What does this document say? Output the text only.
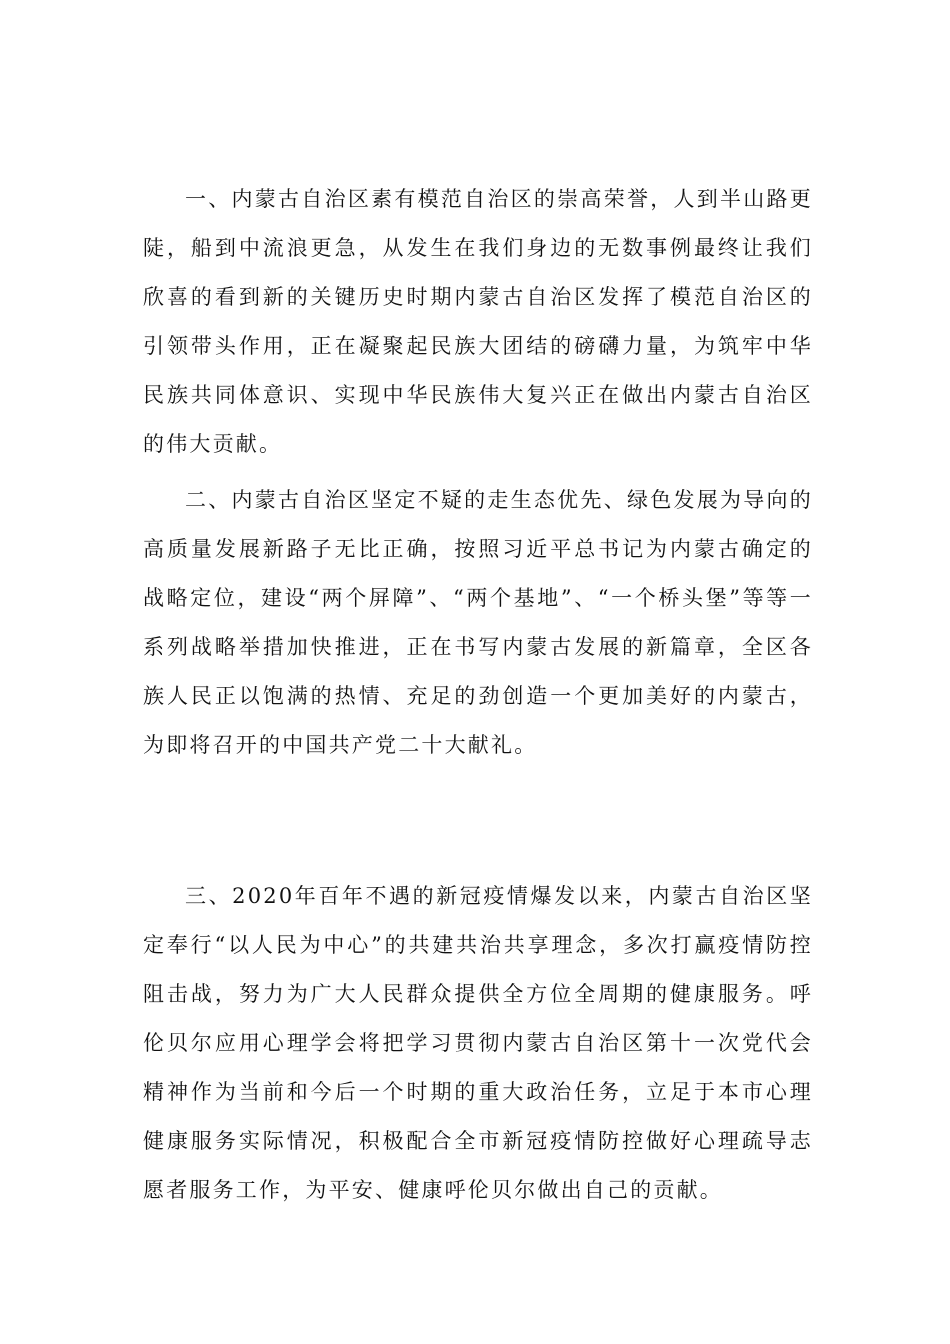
一、内蒙古自治区素有模范自治区的崇高荣誉，人到半山路更陡，船到中流浪更急，从发生在我们身边的无数事例最终让我们欣喜的看到新的关键历史时期内蒙古自治区发挥了模范自治区的引领带头作用，正在凝聚起民族大团结的磅礴力量，为筑牢中华民族共同体意识、实现中华民族伟大复兴正在做出内蒙古自治区的伟大贡献。

二、内蒙古自治区坚定不疑的走生态优先、绿色发展为导向的高质量发展新路子无比正确，按照习近平总书记为内蒙古确定的战略定位，建设“两个屏障”、“两个基地”、“一个桥头堡”等等一系列战略举措加快推进，正在书写内蒙古发展的新篇章，全区各族人民正以饱满的热情、充足的劲创造一个更加美好的内蒙古，为即将召开的中国共产党二十大献礼。

三、2020年百年不遇的新冠疫情爆发以来，内蒙古自治区坚定奉行“以人民为中心”的共建共治共享理念，多次打赢疫情防控阻击战，努力为广大人民群众提供全方位全周期的健康服务。呼伦贝尔应用心理学会将把学习贯彻内蒙古自治区第十一次党代会精神作为当前和今后一个时期的重大政治任务，立足于本市心理健康服务实际情况，积极配合全市新冠疫情防控做好心理疏导志愿者服务工作，为平安、健康呼伦贝尔做出自己的贡献。
